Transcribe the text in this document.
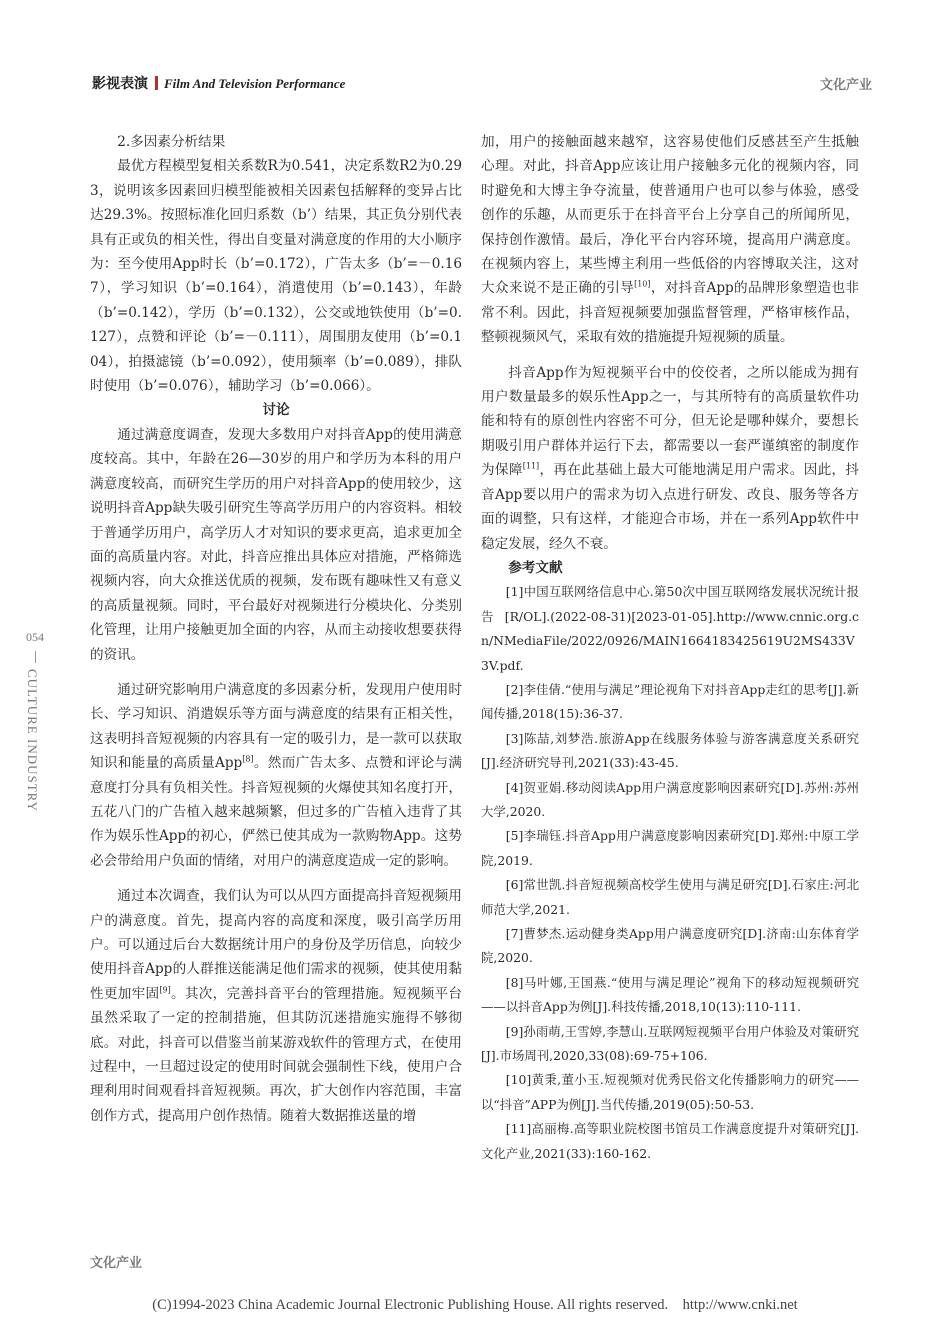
影视表演 Film And Television Performance	文化产业
054
CULTURE INDUSTRY

2.多因素分析结果

最优方程模型复相关系数R为0.541，决定系数R2为0.293，说明该多因素回归模型能被相关因素包括解释的变异占比达29.3%。按照标准化回归系数（b’）结果，其正负分别代表具有正或负的相关性，得出自变量对满意度的作用的大小顺序为：至今使用App时长（b’=0.172），广告太多（b’=－0.167），学习知识（b’=0.164），消遣使用（b’=0.143），年龄（b’=0.142），学历（b’=0.132），公交或地铁使用（b’=0.127），点赞和评论（b’=－0.111），周围朋友使用（b’=0.104），拍摄滤镜（b’=0.092），使用频率（b’=0.089），排队时使用（b’=0.076），辅助学习（b’=0.066）。

讨论

通过满意度调查，发现大多数用户对抖音App的使用满意度较高。其中，年龄在26—30岁的用户和学历为本科的用户满意度较高，而研究生学历的用户对抖音App的使用较少，这说明抖音App缺失吸引研究生等高学历用户的内容资料。相较于普通学历用户，高学历人才对知识的要求更高，追求更加全面的高质量内容。对此，抖音应推出具体应对措施，严格筛选视频内容，向大众推送优质的视频，发布既有趣味性又有意义的高质量视频。同时，平台最好对视频进行分模块化、分类别化管理，让用户接触更加全面的内容，从而主动接收想要获得的资讯。

通过研究影响用户满意度的多因素分析，发现用户使用时长、学习知识、消遣娱乐等方面与满意度的结果有正相关性，这表明抖音短视频的内容具有一定的吸引力，是一款可以获取知识和能量的高质量App[8]。然而广告太多、点赞和评论与满意度打分具有负相关性。抖音短视频的火爆使其知名度打开，五花八门的广告植入越来越频繁，但过多的广告植入违背了其作为娱乐性App的初心，俨然已使其成为一款购物App。这势必会带给用户负面的情绪，对用户的满意度造成一定的影响。

通过本次调查，我们认为可以从四方面提高抖音短视频用户的满意度。首先，提高内容的高度和深度，吸引高学历用户。可以通过后台大数据统计用户的身份及学历信息，向较少使用抖音App的人群推送能满足他们需求的视频，使其使用黏性更加牢固[9]。其次，完善抖音平台的管理措施。短视频平台虽然采取了一定的控制措施，但其防沉迷措施实施得不够彻底。对此，抖音可以借鉴当前某游戏软件的管理方式，在使用过程中，一旦超过设定的使用时间就会强制性下线，使用户合理利用时间观看抖音短视频。再次，扩大创作内容范围，丰富创作方式，提高用户创作热情。随着大数据推送量的增

加，用户的接触面越来越窄，这容易使他们反感甚至产生抵触心理。对此，抖音App应该让用户接触多元化的视频内容，同时避免和大博主争夺流量，使普通用户也可以参与体验，感受创作的乐趣，从而更乐于在抖音平台上分享自己的所闻所见，保持创作激情。最后，净化平台内容环境，提高用户满意度。在视频内容上，某些博主利用一些低俗的内容博取关注，这对大众来说不是正确的引导[10]，对抖音App的品牌形象塑造也非常不利。因此，抖音短视频要加强监督管理，严格审核作品，整顿视频风气，采取有效的措施提升短视频的质量。

抖音App作为短视频平台中的佼佼者，之所以能成为拥有用户数量最多的娱乐性App之一，与其所特有的高质量软件功能和特有的原创性内容密不可分，但无论是哪种媒介，要想长期吸引用户群体并运行下去，都需要以一套严谨缜密的制度作为保障[11]，再在此基础上最大可能地满足用户需求。因此，抖音App要以用户的需求为切入点进行研发、改良、服务等各方面的调整，只有这样，才能迎合市场，并在一系列App软件中稳定发展，经久不衰。

参考文献

[1]中国互联网络信息中心.第50次中国互联网络发展状况统计报告[R/OL].(2022-08-31)[2023-01-05].http://www.cnnic.org.cn/NMediaFile/2022/0926/MAIN1664183425619U2MS433V3V.pdf.

[2]李佳倩.“使用与满足”理论视角下对抖音App走红的思考[J].新闻传播,2018(15):36-37.

[3]陈喆,刘梦浩.旅游App在线服务体验与游客满意度关系研究[J].经济研究导刊,2021(33):43-45.

[4]贺亚娟.移动阅读App用户满意度影响因素研究[D].苏州:苏州大学,2020.

[5]李瑞钰.抖音App用户满意度影响因素研究[D].郑州:中原工学院,2019.

[6]常世凯.抖音短视频高校学生使用与满足研究[D].石家庄:河北师范大学,2021.

[7]曹梦杰.运动健身类App用户满意度研究[D].济南:山东体育学院,2020.

[8]马叶娜,王国燕.“使用与满足理论”视角下的移动短视频研究——以抖音App为例[J].科技传播,2018,10(13):110-111.

[9]孙雨萌,王雪婷,李慧山.互联网短视频平台用户体验及对策研究[J].市场周刊,2020,33(08):69-75+106.

[10]黄秉,董小玉.短视频对优秀民俗文化传播影响力的研究——以“抖音”APP为例[J].当代传播,2019(05):50-53.

[11]高丽梅.高等职业院校图书馆员工作满意度提升对策研究[J].文化产业,2021(33):160-162.

文化产业
(C)1994-2023 China Academic Journal Electronic Publishing House. All rights reserved.    http://www.cnki.net
